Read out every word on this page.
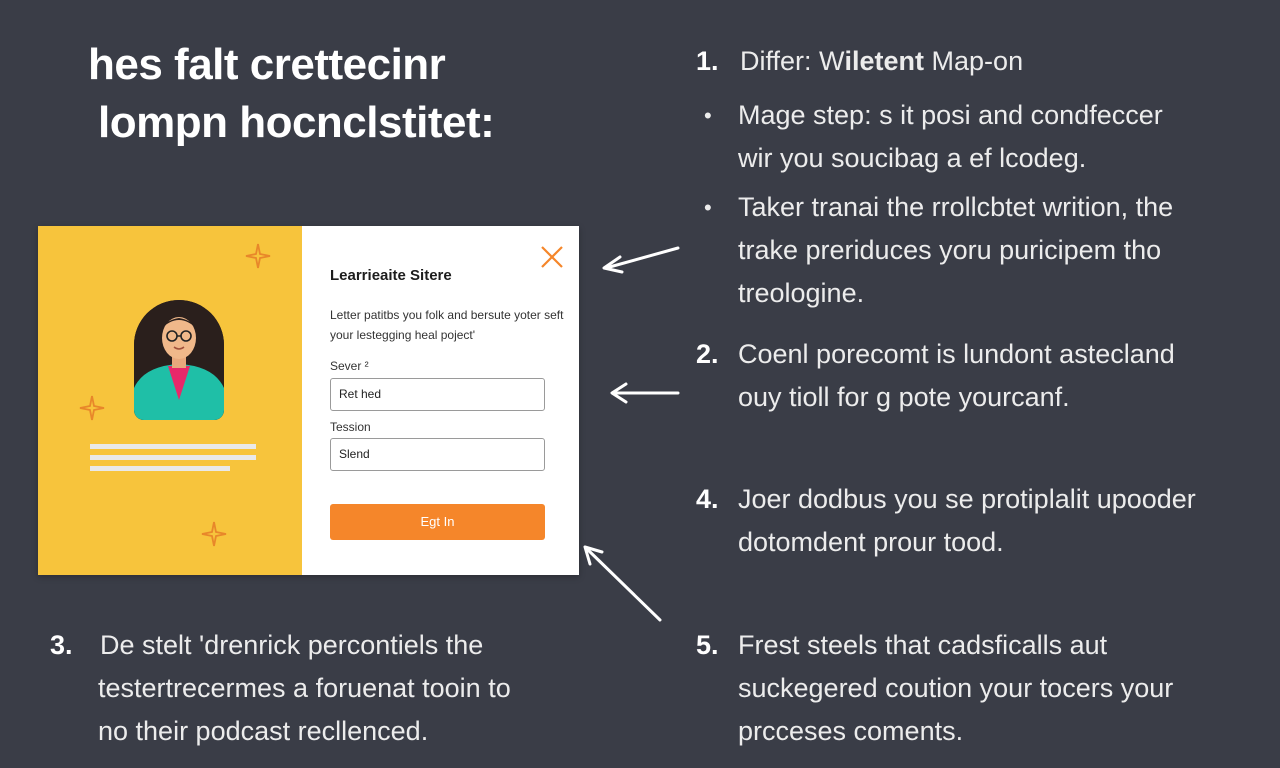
hes falt crettecinr
lompn hocnclstitet:
Learrieaite Sitere
Letter patitbs you folk and bersute yoter seft your lestegging heal poject'
Sever ²
Ret hed
Tession
Slend
Egt In
1. Differ: Wiletent Map-on
• Mage step: s it posi and condfeccer
wir you soucibag a ef lcodeg.
• Taker tranai the rrollcbtet writion, the
trake preriduces yoru puricipem tho
treologine.
2. Coenl porecomt is lundont astecland
ouy tioll for g pote yourcanf.
4. Joer dodbus you se protiplalit upooder
dotomdent prour tood.
5. Frest steels that cadsficalls aut
suckegered coution your tocers your
prcceses coments.
3. De stelt 'drenrick percontiels the
testertrecermes a foruenat tooin to
no their podcast recllenced.
